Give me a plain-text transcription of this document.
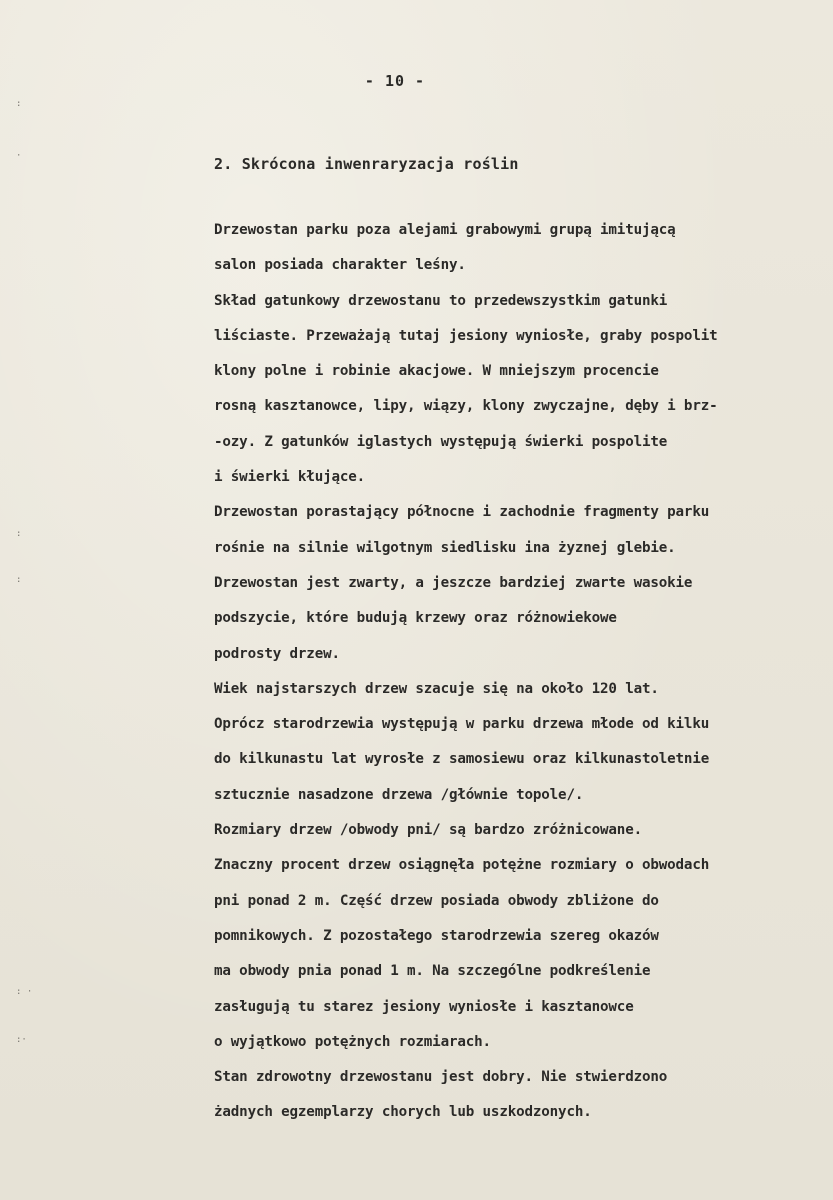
- 10 -
:
·
:
:
: ·
:·
2. Skrócona inwenraryzacja roślin
Drzewostan parku poza alejami grabowymi grupą imitującą
salon posiada charakter leśny.
Skład gatunkowy drzewostanu to przedewszystkim gatunki
liściaste. Przeważają tutaj jesiony wyniosłe, graby pospolit
klony polne i robinie akacjowe. W mniejszym procencie
rosną kasztanowce, lipy, wiązy, klony zwyczajne, dęby i brz-
-ozy. Z gatunków iglastych występują świerki pospolite
i świerki kłujące.
Drzewostan porastający północne i zachodnie fragmenty parku
rośnie na silnie wilgotnym siedlisku ina żyznej glebie.
Drzewostan jest zwarty, a jeszcze bardziej zwarte wasokie
podszycie, które budują krzewy oraz różnowiekowe
podrosty drzew.
Wiek najstarszych drzew szacuje się na około 120 lat.
Oprócz starodrzewia występują w parku drzewa młode od kilku
do kilkunastu lat wyrosłe z samosiewu oraz kilkunastoletnie
sztucznie nasadzone drzewa /głównie topole/.
Rozmiary drzew /obwody pni/ są bardzo zróżnicowane.
Znaczny procent drzew osiągnęła potężne rozmiary o obwodach
pni ponad 2 m. Część drzew posiada obwody zbliżone do
pomnikowych. Z pozostałego starodrzewia szereg okazów
ma obwody pnia ponad 1 m. Na szczególne podkreślenie
zasługują tu starez jesiony wyniosłe i kasztanowce
o wyjątkowo potężnych rozmiarach.
Stan zdrowotny drzewostanu jest dobry. Nie stwierdzono
żadnych egzemplarzy chorych lub uszkodzonych.
